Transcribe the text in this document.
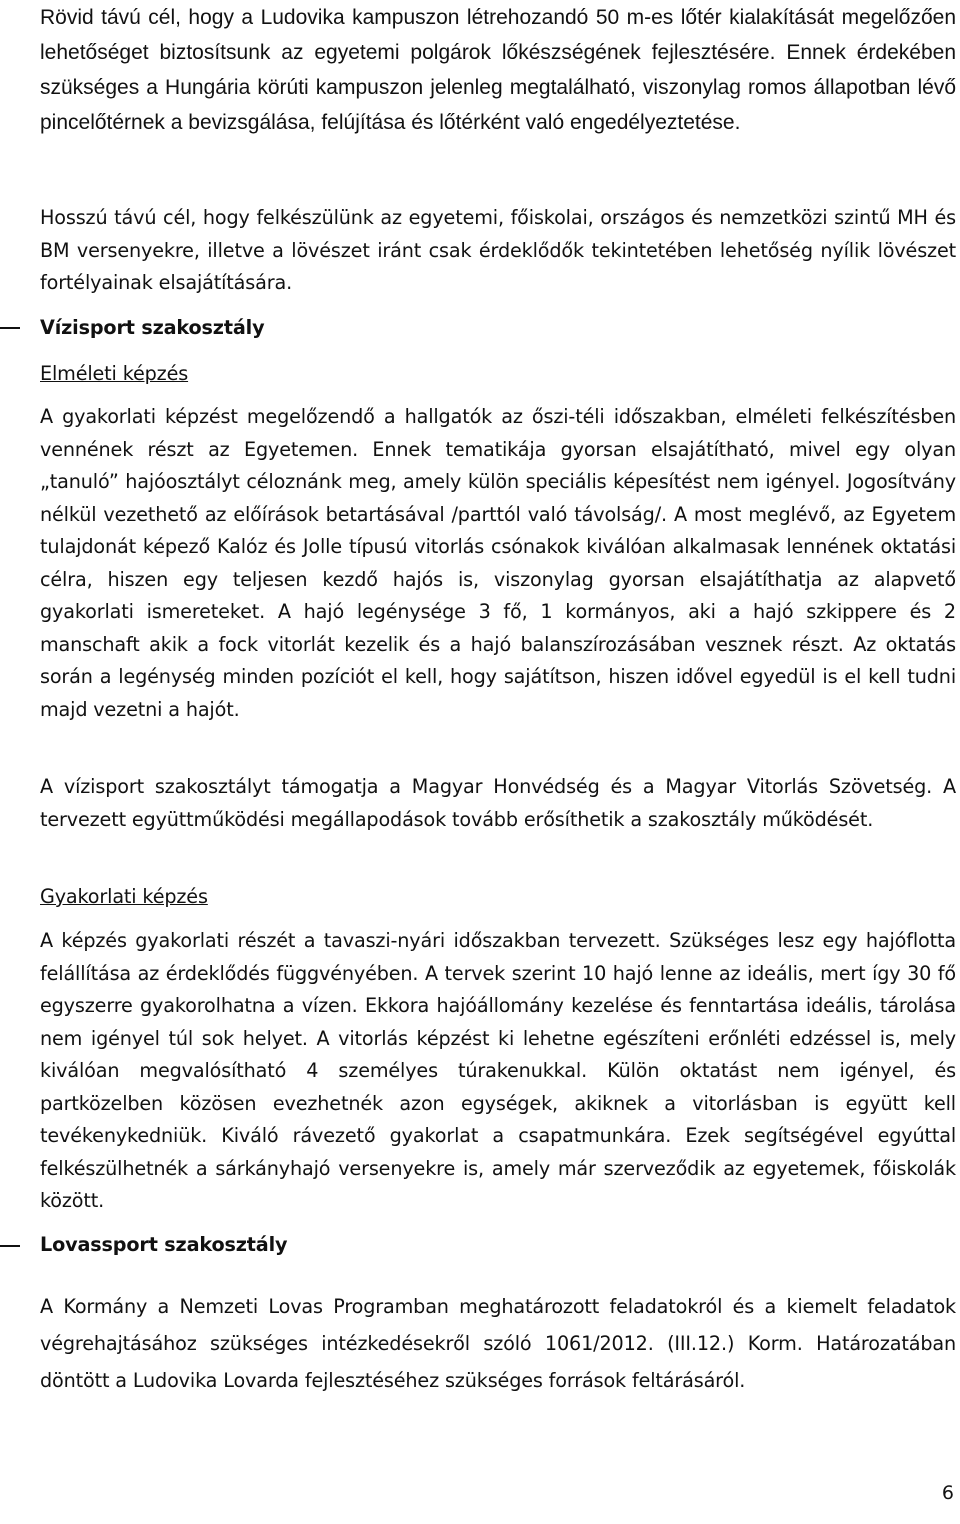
Rövid távú cél, hogy a Ludovika kampuszon létrehozandó 50 m-es lőtér kialakítását megelőzően lehetőséget biztosítsunk az egyetemi polgárok lőkészségének fejlesztésére. Ennek érdekében szükséges a Hungária körúti kampuszon jelenleg megtalálható, viszonylag romos állapotban lévő pincelőtérnek a bevizsgálása, felújítása és lőtérként való engedélyeztetése.

Hosszú távú cél, hogy felkészülünk az egyetemi, főiskolai, országos és nemzetközi szintű MH és BM versenyekre, illetve a lövészet iránt csak érdeklődők tekintetében lehetőség nyílik lövészet fortélyainak elsajátítására.

Vízisport szakosztály
Elméleti képzés

A gyakorlati képzést megelőzendő a hallgatók az őszi-téli időszakban, elméleti felkészítésben vennének részt az Egyetemen. Ennek tematikája gyorsan elsajátítható, mivel egy olyan „tanuló” hajóosztályt céloznánk meg, amely külön speciális képesítést nem igényel. Jogosítvány nélkül vezethető az előírások betartásával /parttól való távolság/. A most meglévő, az Egyetem tulajdonát képező Kalóz és Jolle típusú vitorlás csónakok kiválóan alkalmasak lennének oktatási célra, hiszen egy teljesen kezdő hajós is, viszonylag gyorsan elsajátíthatja az alapvető gyakorlati ismereteket. A hajó legénysége 3 fő, 1 kormányos, aki a hajó szkippere és 2 manschaft akik a fock vitorlát kezelik és a hajó balanszírozásában vesznek részt. Az oktatás során a legénység minden pozíciót el kell, hogy sajátítson, hiszen idővel egyedül is el kell tudni majd vezetni a hajót.

A vízisport szakosztályt támogatja a Magyar Honvédség és a Magyar Vitorlás Szövetség. A tervezett együttműködési megállapodások tovább erősíthetik a szakosztály működését.

Gyakorlati képzés

A képzés gyakorlati részét a tavaszi-nyári időszakban tervezett. Szükséges lesz egy hajóflotta felállítása az érdeklődés függvényében. A tervek szerint 10 hajó lenne az ideális, mert így 30 fő egyszerre gyakorolhatna a vízen. Ekkora hajóállomány kezelése és fenntartása ideális, tárolása nem igényel túl sok helyet. A vitorlás képzést ki lehetne egészíteni erőnléti edzéssel is, mely kiválóan megvalósítható 4 személyes túrakenukkal. Külön oktatást nem igényel, és partközelben közösen evezhetnék azon egységek, akiknek a vitorlásban is együtt kell tevékenykedniük. Kiváló rávezető gyakorlat a csapatmunkára. Ezek segítségével egyúttal felkészülhetnék a sárkányhajó versenyekre is, amely már szerveződik az egyetemek, főiskolák között.

Lovassport szakosztály

A Kormány a Nemzeti Lovas Programban meghatározott feladatokról és a kiemelt feladatok végrehajtásához szükséges intézkedésekről szóló 1061/2012. (III.12.) Korm. Határozatában döntött a Ludovika Lovarda fejlesztéséhez szükséges források feltárásáról.

6
